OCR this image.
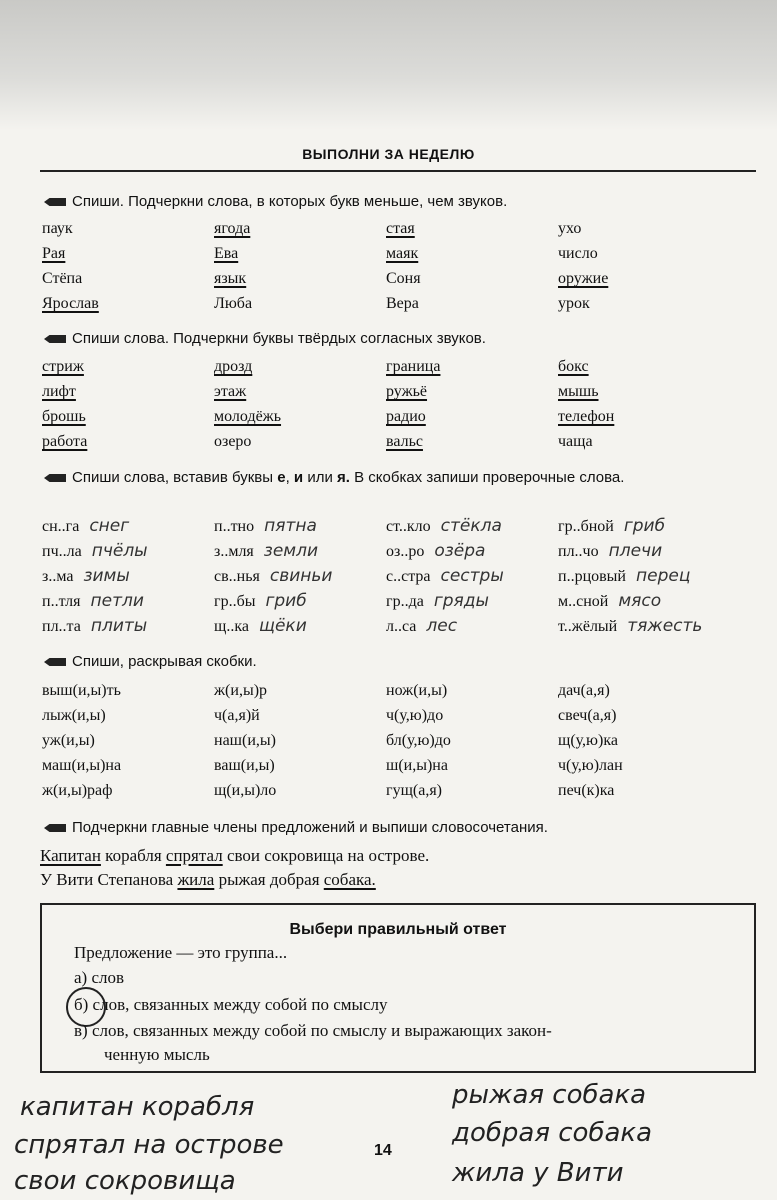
ВЫПОЛНИ ЗА НЕДЕЛЮ
Спиши. Подчеркни слова, в которых букв меньше, чем звуков.
паук	ягода	стая	ухо
Рая	Ева	маяк	число
Стёпа	язык	Соня	оружие
Ярослав	Люба	Вера	урок
Спиши слова. Подчеркни буквы твёрдых согласных звуков.
стриж	дрозд	граница	бокс
лифт	этаж	ружьё	мышь
брошь	молодёжь	радио	телефон
работа	озеро	вальс	чаща
Спиши слова, вставив буквы е, и или я. В скобках запиши проверочные слова.
сн..га снег	п..тно пятна	ст..кло стёкла	гр..бной гриб
пч..ла пчёлы	з..мля земли	оз..ро озёра	пл..чо плечи
з..ма зимы	св..нья свиньи	с..стра сестры	п..рцовый перец
п..тля петли	гр..бы гриб	гр..да гряды	м..сной мясо
пл..та плиты	щ..ка щёки	л..са лес	т..жёлый тяжесть
Спиши, раскрывая скобки.
выш(и,ы)ть	ж(и,ы)р	нож(и,ы)	дач(а,я)
лыж(и,ы)	ч(а,я)й	ч(у,ю)до	свеч(а,я)
уж(и,ы)	наш(и,ы)	бл(у,ю)до	щ(у,ю)ка
маш(и,ы)на	ваш(и,ы)	ш(и,ы)на	ч(у,ю)лан
ж(и,ы)раф	щ(и,ы)ло	гущ(а,я)	печ(к)ка
Подчеркни главные члены предложений и выпиши словосочетания.
Капитан корабля спрятал свои сокровища на острове.
У Вити Степанова жила рыжая добрая собака.
Выбери правильный ответ
Предложение — это группа...
а) слов
б) слов, связанных между собой по смыслу
в) слов, связанных между собой по смыслу и выражающих закон-
ченную мысль
14
капитан корабля
спрятал на острове
свои сокровища
рыжая собака
добрая собака
жила у Вити
